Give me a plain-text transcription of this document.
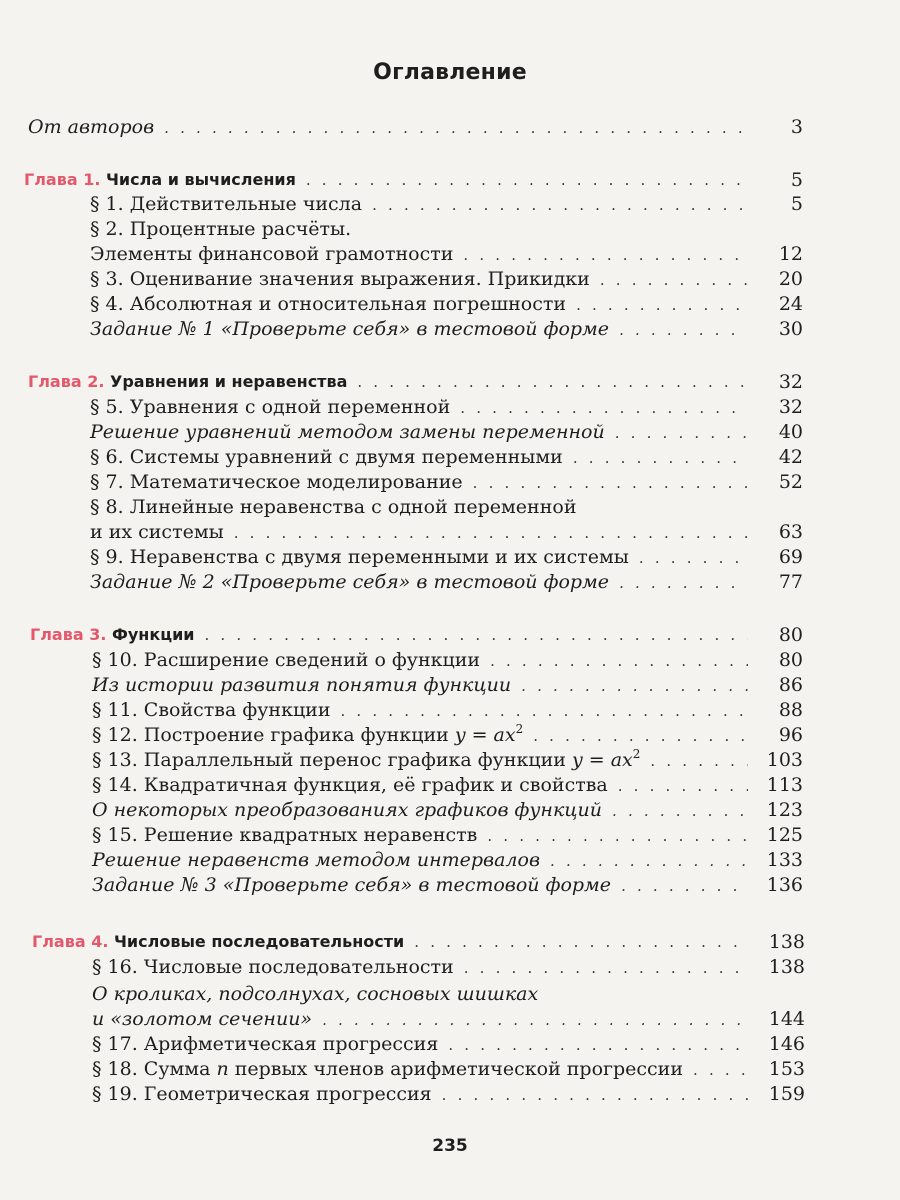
Оглавление
От авторов . . .	3
Глава 1. Числа и вычисления . . .	5
§ 1. Действительные числа . . .	5
§ 2. Процентные расчёты.
Элементы финансовой грамотности . . .	12
§ 3. Оценивание значения выражения. Прикидки . . .	20
§ 4. Абсолютная и относительная погрешности . . .	24
Задание № 1 «Проверьте себя» в тестовой форме . . .	30
Глава 2. Уравнения и неравенства . . .	32
§ 5. Уравнения с одной переменной . . .	32
Решение уравнений методом замены переменной . . .	40
§ 6. Системы уравнений с двумя переменными . . .	42
§ 7. Математическое моделирование . . .	52
§ 8. Линейные неравенства с одной переменной
и их системы . . .	63
§ 9. Неравенства с двумя переменными и их системы . . .	69
Задание № 2 «Проверьте себя» в тестовой форме . . .	77
Глава 3. Функции . . .	80
§ 10. Расширение сведений о функции . . .	80
Из истории развития понятия функции . . .	86
§ 11. Свойства функции . . .	88
§ 12. Построение графика функции $y = ax^2$ . . .	96
§ 13. Параллельный перенос графика функции $y = ax^2$ . . .	103
§ 14. Квадратичная функция, её график и свойства . . .	113
О некоторых преобразованиях графиков функций . . .	123
§ 15. Решение квадратных неравенств . . .	125
Решение неравенств методом интервалов . . .	133
Задание № 3 «Проверьте себя» в тестовой форме . . .	136
Глава 4. Числовые последовательности . . .	138
§ 16. Числовые последовательности . . .	138
О кроликах, подсолнухах, сосновых шишках
и «золотом сечении» . . .	144
§ 17. Арифметическая прогрессия . . .	146
§ 18. Сумма n первых членов арифметической прогрессии . . .	153
§ 19. Геометрическая прогрессия . . .	159
235
